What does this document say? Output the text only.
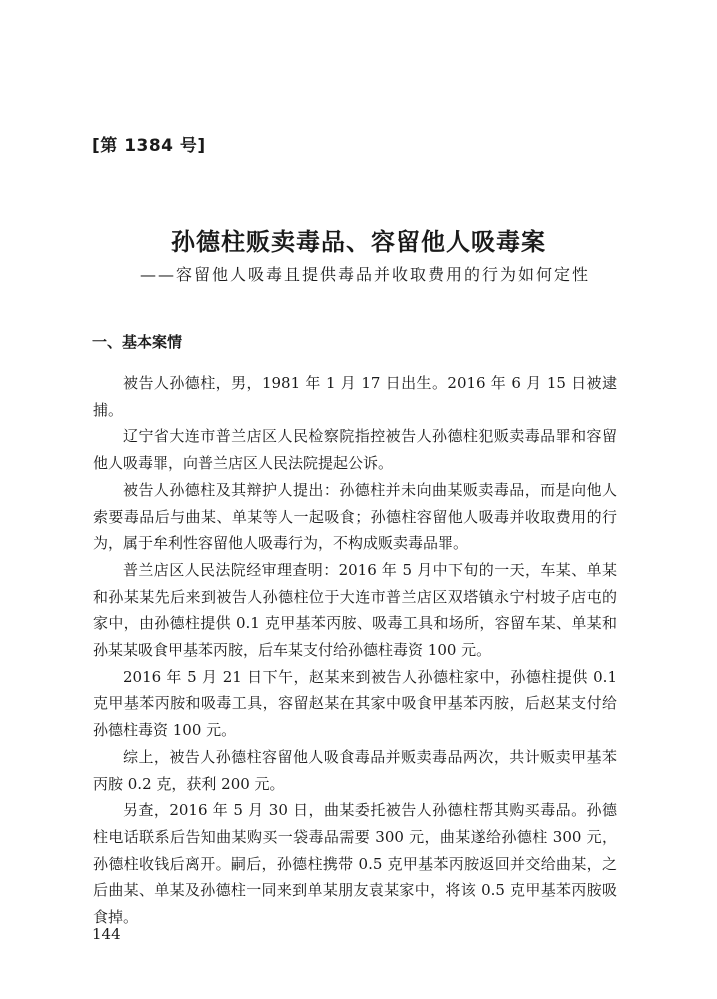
[第 1384 号]
孙德柱贩卖毒品、容留他人吸毒案
——容留他人吸毒且提供毒品并收取费用的行为如何定性
一、基本案情

被告人孙德柱，男，1981 年 1 月 17 日出生。2016 年 6 月 15 日被逮捕。

辽宁省大连市普兰店区人民检察院指控被告人孙德柱犯贩卖毒品罪和容留他人吸毒罪，向普兰店区人民法院提起公诉。

被告人孙德柱及其辩护人提出：孙德柱并未向曲某贩卖毒品，而是向他人索要毒品后与曲某、单某等人一起吸食；孙德柱容留他人吸毒并收取费用的行为，属于牟利性容留他人吸毒行为，不构成贩卖毒品罪。

普兰店区人民法院经审理查明：2016 年 5 月中下旬的一天，车某、单某和孙某某先后来到被告人孙德柱位于大连市普兰店区双塔镇永宁村坡子店屯的家中，由孙德柱提供 0.1 克甲基苯丙胺、吸毒工具和场所，容留车某、单某和孙某某吸食甲基苯丙胺，后车某支付给孙德柱毒资 100 元。

2016 年 5 月 21 日下午，赵某来到被告人孙德柱家中，孙德柱提供 0.1 克甲基苯丙胺和吸毒工具，容留赵某在其家中吸食甲基苯丙胺，后赵某支付给孙德柱毒资 100 元。

综上，被告人孙德柱容留他人吸食毒品并贩卖毒品两次，共计贩卖甲基苯丙胺 0.2 克，获利 200 元。

另查，2016 年 5 月 30 日，曲某委托被告人孙德柱帮其购买毒品。孙德柱电话联系后告知曲某购买一袋毒品需要 300 元，曲某遂给孙德柱 300 元，孙德柱收钱后离开。嗣后，孙德柱携带 0.5 克甲基苯丙胺返回并交给曲某，之后曲某、单某及孙德柱一同来到单某朋友袁某家中，将该 0.5 克甲基苯丙胺吸食掉。

144
